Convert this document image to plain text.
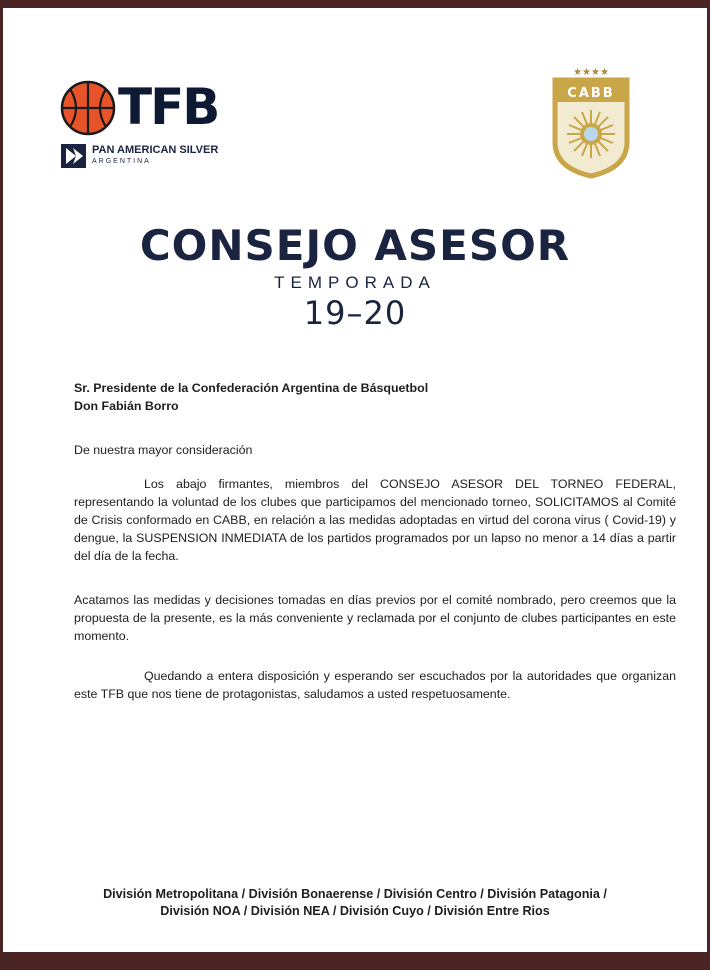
TFB
PAN AMERICAN SILVER
ARGENTINA
★★★★
CABB
CONSEJO ASESOR
TEMPORADA
19–20
Sr. Presidente de la Confederación Argentina de Básquetbol
Don Fabián Borro
De nuestra mayor consideración

Los abajo firmantes, miembros del CONSEJO ASESOR DEL TORNEO FEDERAL, representando la voluntad de los clubes que participamos del mencionado torneo, SOLICITAMOS al Comité de Crisis conformado en CABB, en relación a las medidas adoptadas en virtud del corona virus ( Covid-19) y dengue, la SUSPENSION INMEDIATA de los partidos programados por un lapso no menor a 14 días a partir del día de la fecha.

Acatamos las medidas y decisiones tomadas en días previos por el comité nombrado, pero creemos que la propuesta de la presente, es la más conveniente y reclamada por el conjunto de clubes participantes en este momento.

Quedando a entera disposición y esperando ser escuchados por la autoridades que organizan este TFB que nos tiene de protagonistas, saludamos a usted respetuosamente.

División Metropolitana / División Bonaerense / División Centro / División Patagonia /
División NOA / División NEA / División Cuyo / División Entre Rios
